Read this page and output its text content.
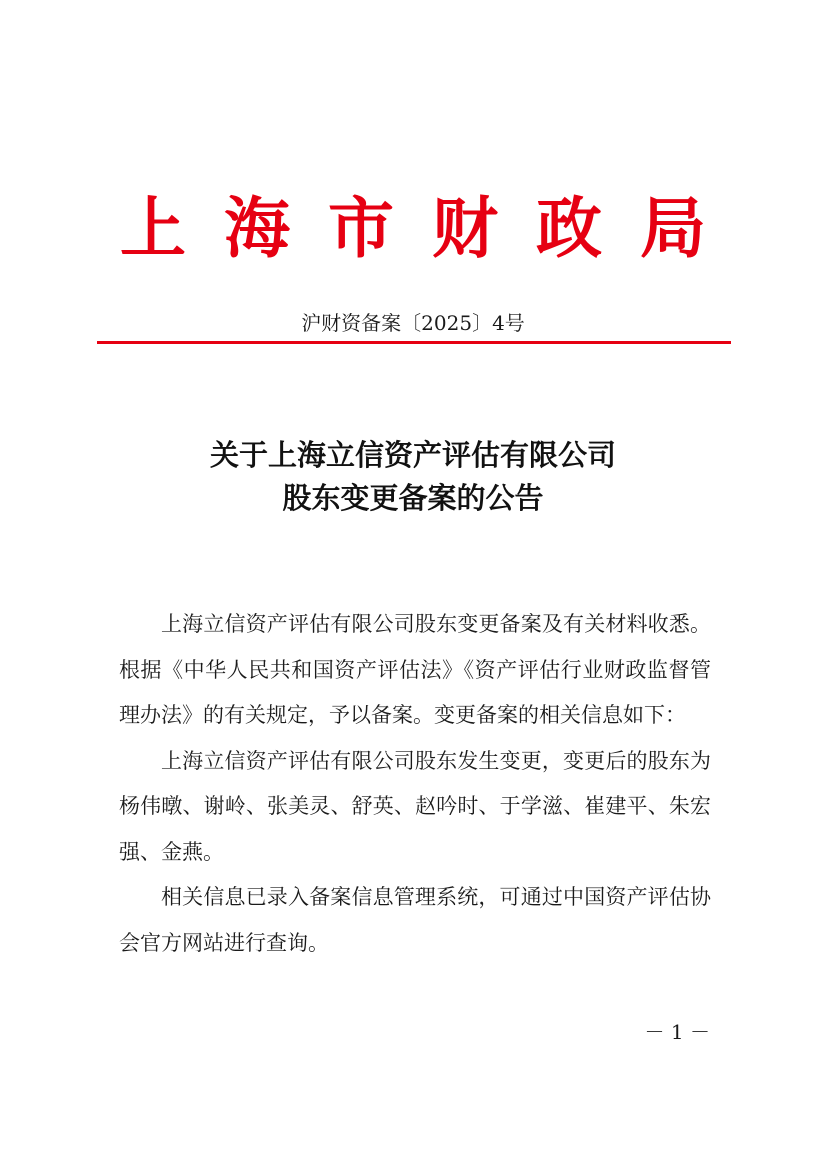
上海市财政局
沪财资备案〔2025〕4号
关于上海立信资产评估有限公司
股东变更备案的公告

上海立信资产评估有限公司股东变更备案及有关材料收悉。根据《中华人民共和国资产评估法》《资产评估行业财政监督管理办法》的有关规定，予以备案。变更备案的相关信息如下：

上海立信资产评估有限公司股东发生变更，变更后的股东为杨伟暾、谢岭、张美灵、舒英、赵吟时、于学滋、崔建平、朱宏强、金燕。

相关信息已录入备案信息管理系统，可通过中国资产评估协会官方网站进行查询。

－ 1 －
